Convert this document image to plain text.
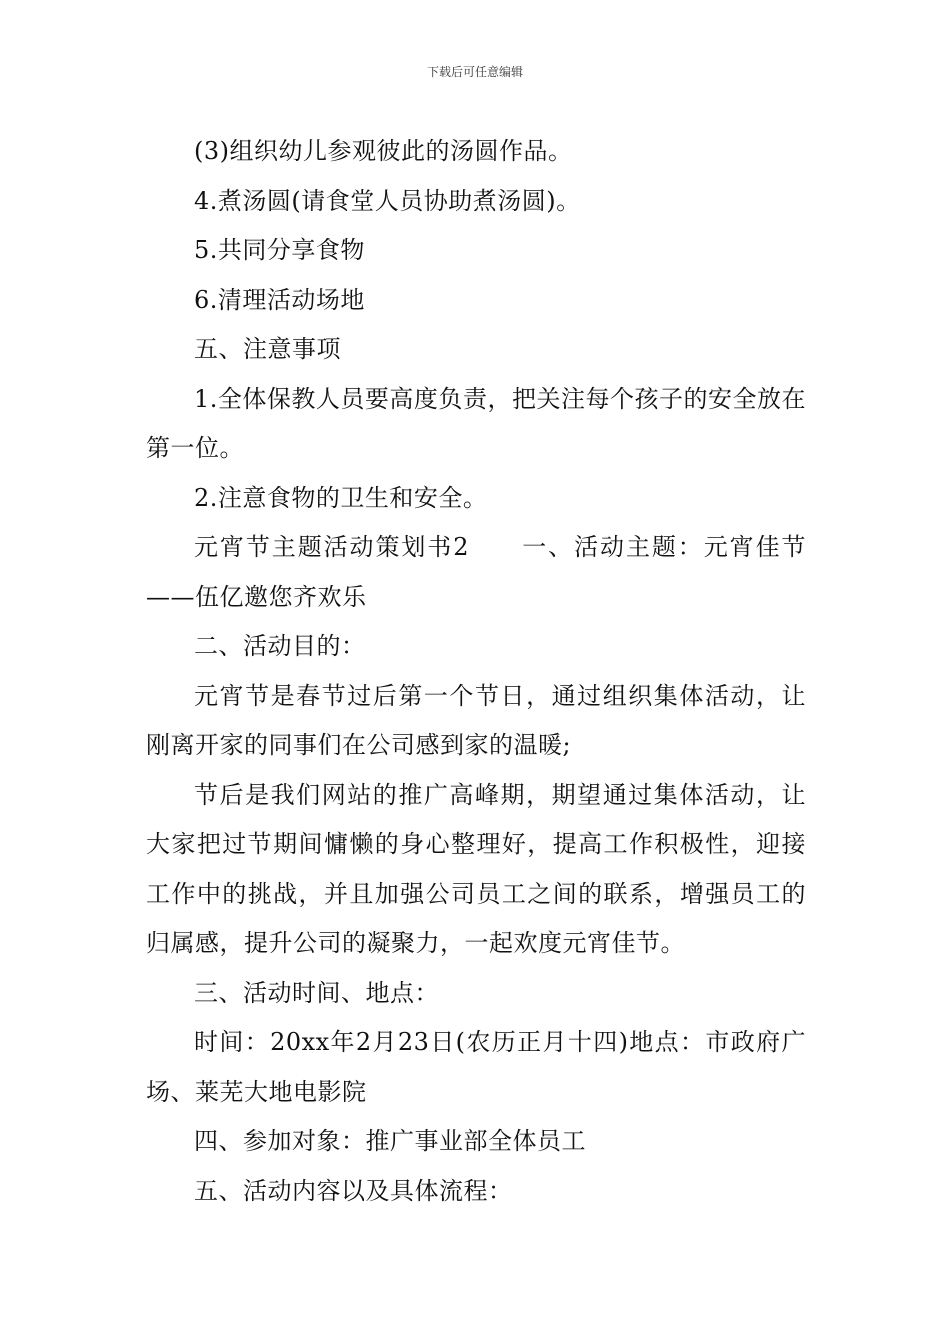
下载后可任意编辑

(3)组织幼儿参观彼此的汤圆作品。

4.煮汤圆(请食堂人员协助煮汤圆)。

5.共同分享食物

6.清理活动场地

五、注意事项

1.全体保教人员要高度负责，把关注每个孩子的安全放在第一位。

2.注意食物的卫生和安全。

元宵节主题活动策划书2　　一、活动主题：元宵佳节——伍亿邀您齐欢乐

二、活动目的：

元宵节是春节过后第一个节日，通过组织集体活动，让刚离开家的同事们在公司感到家的温暖;

节后是我们网站的推广高峰期，期望通过集体活动，让大家把过节期间慵懒的身心整理好，提高工作积极性，迎接工作中的挑战，并且加强公司员工之间的联系，增强员工的归属感，提升公司的凝聚力，一起欢度元宵佳节。

三、活动时间、地点：

时间：20xx年2月23日(农历正月十四)地点：市政府广场、莱芜大地电影院

四、参加对象：推广事业部全体员工

五、活动内容以及具体流程：
